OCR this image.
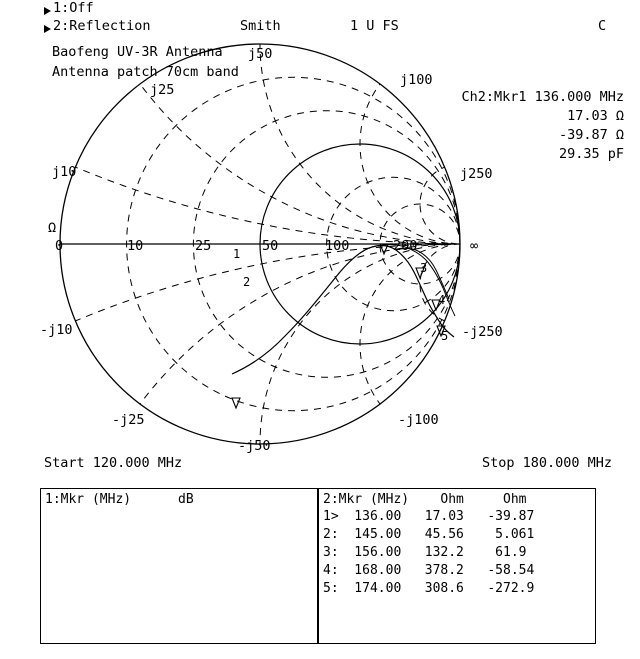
1:Off
2:Reflection	Smith	1 U FS	C
3
4
5
1
2
Ω
0	10	25	50	100	200	∞
j50
j100
j250
j10
j25
-j10
-j25
-j50
-j100
-j250
Baofeng UV-3R Antenna
Antenna patch 70cm band
Ch2:Mkr1 136.000 MHz
17.03 Ω
-39.87 Ω
29.35 pF
Start 120.000 MHz	Stop 180.000 MHz
1:Mkr (MHz)      dB	2:Mkr (MHz)    Ohm     Ohm
1>  136.00   17.03   -39.87
2:  145.00   45.56    5.061
3:  156.00   132.2    61.9
4:  168.00   378.2   -58.54
5:  174.00   308.6   -272.9
